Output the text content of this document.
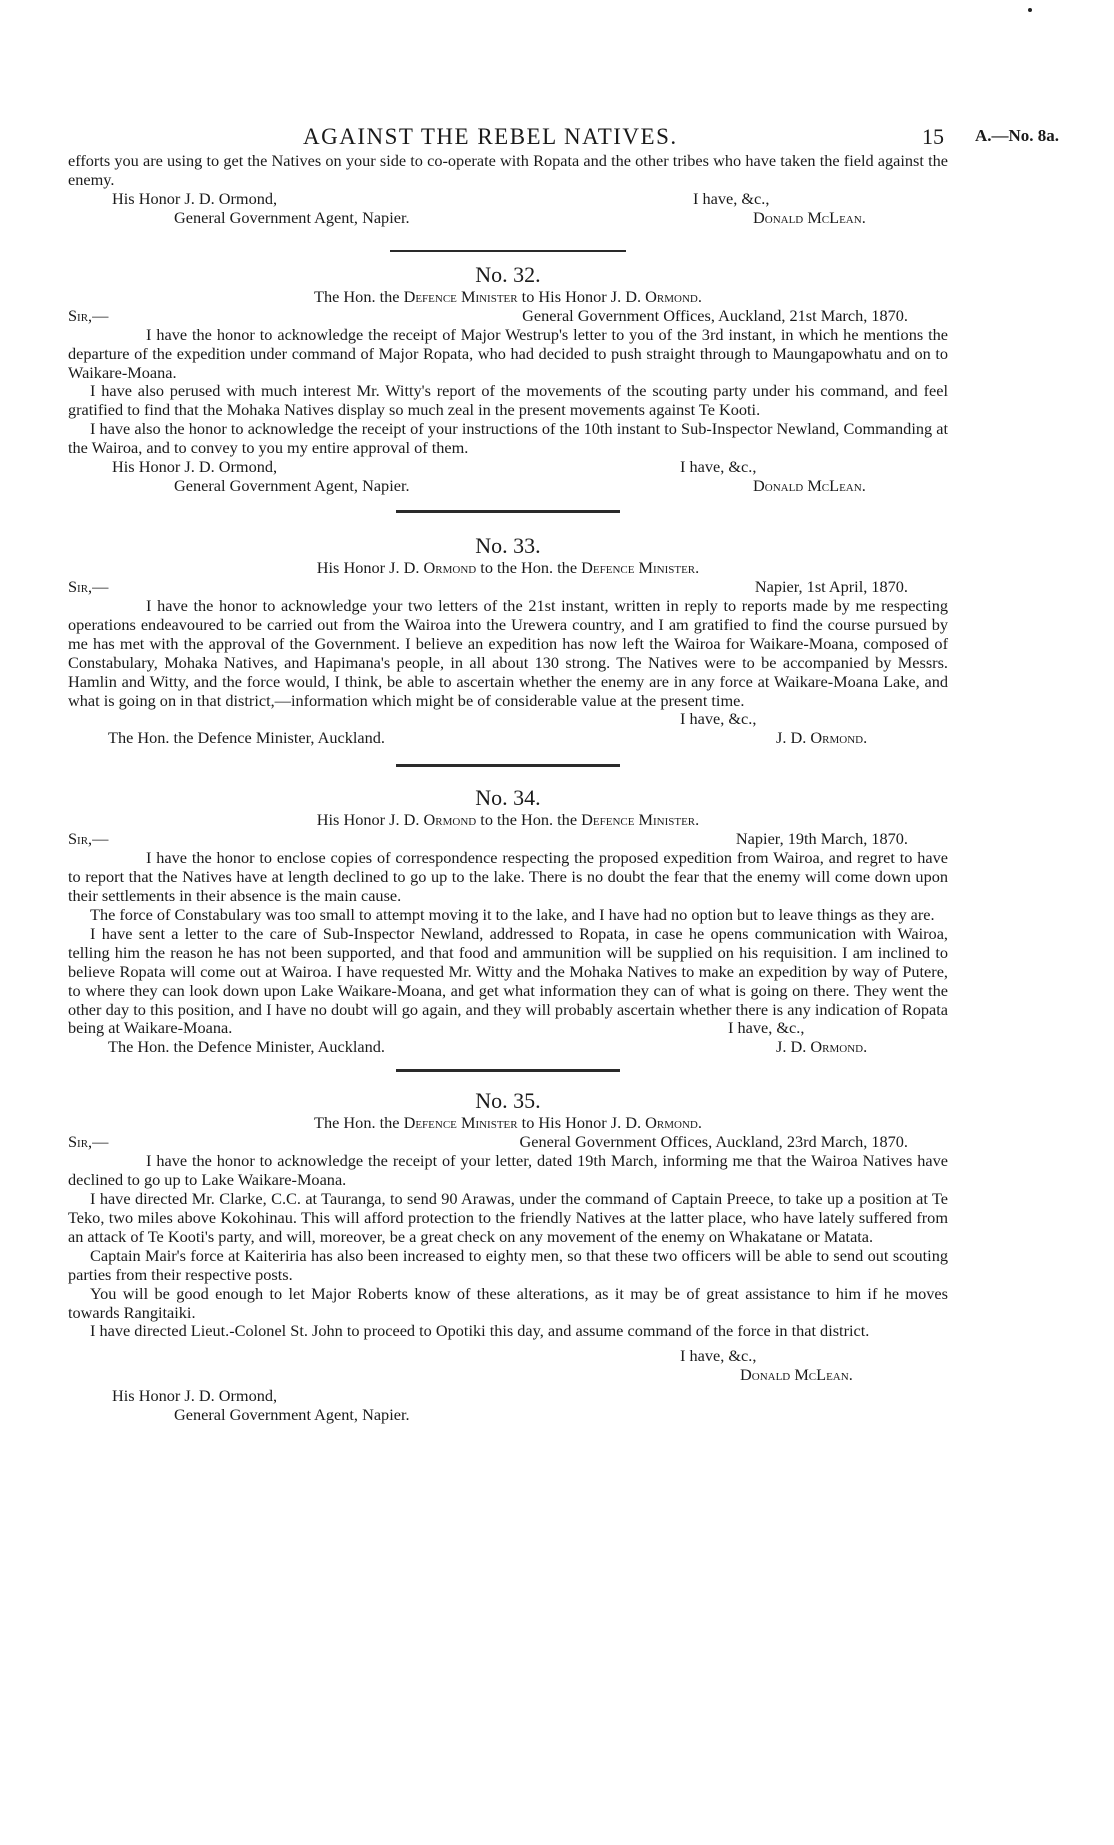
AGAINST THE REBEL NATIVES.	15 A.—No. 8a.

efforts you are using to get the Natives on your side to co-operate with Ropata and the other tribes who have taken the field against the enemy.

His Honor J. D. Ormond,
General Government Agent, Napier.
I have, &c.,
Donald McLean.
No. 32.
The Hon. the Defence Minister to His Honor J. D. Ormond.
Sir,—	General Government Offices, Auckland, 21st March, 1870.

I have the honor to acknowledge the receipt of Major Westrup's letter to you of the 3rd instant, in which he mentions the departure of the expedition under command of Major Ropata, who had decided to push straight through to Maungapowhatu and on to Waikare-Moana.

I have also perused with much interest Mr. Witty's report of the movements of the scouting party under his command, and feel gratified to find that the Mohaka Natives display so much zeal in the present movements against Te Kooti.

I have also the honor to acknowledge the receipt of your instructions of the 10th instant to Sub-Inspector Newland, Commanding at the Wairoa, and to convey to you my entire approval of them.

His Honor J. D. Ormond,
General Government Agent, Napier.
I have, &c.,
Donald McLean.
No. 33.
His Honor J. D. Ormond to the Hon. the Defence Minister.
Sir,—	Napier, 1st April, 1870.

I have the honor to acknowledge your two letters of the 21st instant, written in reply to reports made by me respecting operations endeavoured to be carried out from the Wairoa into the Urewera country, and I am gratified to find the course pursued by me has met with the approval of the Government. I believe an expedition has now left the Wairoa for Waikare-Moana, composed of Constabulary, Mohaka Natives, and Hapimana's people, in all about 130 strong. The Natives were to be accompanied by Messrs. Hamlin and Witty, and the force would, I think, be able to ascertain whether the enemy are in any force at Waikare-Moana Lake, and what is going on in that district,—information which might be of considerable value at the present time.

I have, &c.,
The Hon. the Defence Minister, Auckland.	J. D. Ormond.
No. 34.
His Honor J. D. Ormond to the Hon. the Defence Minister.
Sir,—	Napier, 19th March, 1870.

I have the honor to enclose copies of correspondence respecting the proposed expedition from Wairoa, and regret to have to report that the Natives have at length declined to go up to the lake. There is no doubt the fear that the enemy will come down upon their settlements in their absence is the main cause.

The force of Constabulary was too small to attempt moving it to the lake, and I have had no option but to leave things as they are.

I have sent a letter to the care of Sub-Inspector Newland, addressed to Ropata, in case he opens communication with Wairoa, telling him the reason he has not been supported, and that food and ammunition will be supplied on his requisition. I am inclined to believe Ropata will come out at Wairoa. I have requested Mr. Witty and the Mohaka Natives to make an expedition by way of Putere, to where they can look down upon Lake Waikare-Moana, and get what information they can of what is going on there. They went the other day to this position, and I have no doubt will go again, and they will probably ascertain whether there is any indication of Ropata being at Waikare-Moana.	I have, &c.,
The Hon. the Defence Minister, Auckland.	J. D. Ormond.
No. 35.
The Hon. the Defence Minister to His Honor J. D. Ormond.
Sir,—	General Government Offices, Auckland, 23rd March, 1870.

I have the honor to acknowledge the receipt of your letter, dated 19th March, informing me that the Wairoa Natives have declined to go up to Lake Waikare-Moana.

I have directed Mr. Clarke, C.C. at Tauranga, to send 90 Arawas, under the command of Captain Preece, to take up a position at Te Teko, two miles above Kokohinau. This will afford protection to the friendly Natives at the latter place, who have lately suffered from an attack of Te Kooti's party, and will, moreover, be a great check on any movement of the enemy on Whakatane or Matata.

Captain Mair's force at Kaiteriria has also been increased to eighty men, so that these two officers will be able to send out scouting parties from their respective posts.

You will be good enough to let Major Roberts know of these alterations, as it may be of great assistance to him if he moves towards Rangitaiki.

I have directed Lieut.-Colonel St. John to proceed to Opotiki this day, and assume command of the force in that district.

I have, &c.,
Donald McLean.
His Honor J. D. Ormond,
General Government Agent, Napier.
